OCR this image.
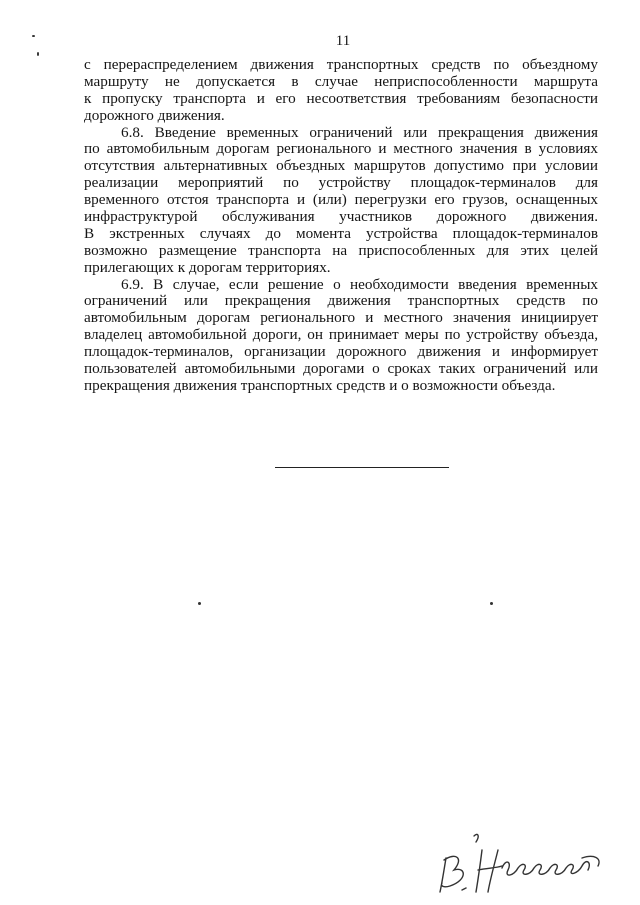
11
с перераспределением движения транспортных средств по объездному
маршруту не допускается в случае неприспособленности маршрута
к пропуску транспорта и его несоответствия требованиям безопасности
дорожного движения.
6.8. Введение временных ограничений или прекращения движения
по автомобильным дорогам регионального и местного значения в условиях
отсутствия альтернативных объездных маршрутов допустимо при условии
реализации мероприятий по устройству площадок-терминалов для
временного отстоя транспорта и (или) перегрузки его грузов, оснащенных
инфраструктурой обслуживания участников дорожного движения.
В экстренных случаях до момента устройства площадок-терминалов
возможно размещение транспорта на приспособленных для этих целей
прилегающих к дорогам территориях.
6.9. В случае, если решение о необходимости введения временных
ограничений или прекращения движения транспортных средств по
автомобильным дорогам регионального и местного значения инициирует
владелец автомобильной дороги, он принимает меры по устройству объезда,
площадок-терминалов, организации дорожного движения и информирует
пользователей автомобильными дорогами о сроках таких ограничений или
прекращения движения транспортных средств и о возможности объезда.
